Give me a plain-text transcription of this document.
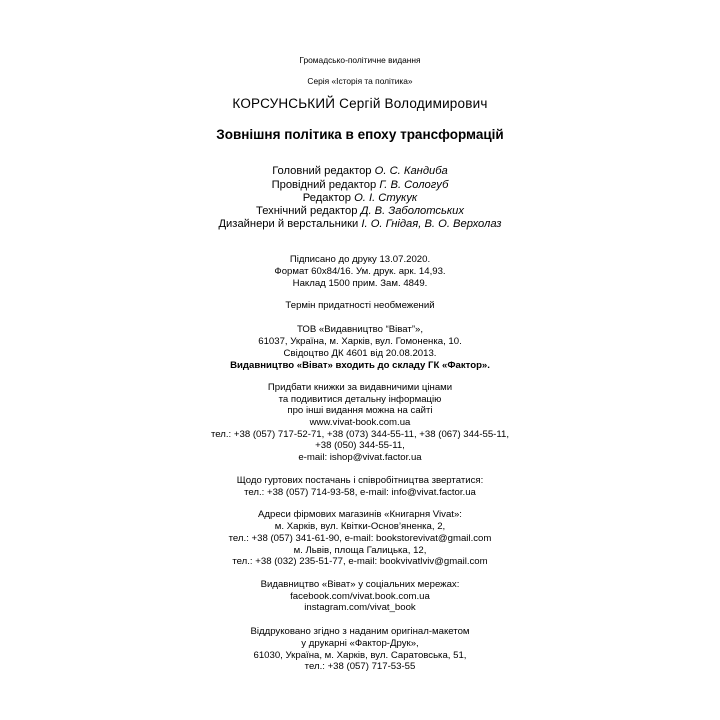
Громадсько-політичне видання
Серія «Історія та політика»
КОРСУНСЬКИЙ Сергій Володимирович
Зовнішня політика в епоху трансформацій
Головний редактор О. С. Кандиба
Провідний редактор Г. В. Сологуб
Редактор О. І. Стукук
Технічний редактор Д. В. Заболотських
Дизайнери й верстальники І. О. Гнідая, В. О. Верхолаз
Підписано до друку 13.07.2020.
Формат 60х84/16. Ум. друк. арк. 14,93.
Наклад 1500 прим. Зам. 4849.
Термін придатності необмежений
ТОВ «Видавництво “Віват”»,
61037, Україна, м. Харків, вул. Гомоненка, 10.
Свідоцтво ДК 4601 від 20.08.2013.
Видавництво «Віват» входить до складу ГК «Фактор».
Придбати книжки за видавничими цінами
та подивитися детальну інформацію
про інші видання можна на сайті
www.vivat-book.com.ua
тел.: +38 (057) 717-52-71, +38 (073) 344-55-11, +38 (067) 344-55-11,
+38 (050) 344-55-11,
e-mail: ishop@vivat.factor.ua
Щодо гуртових постачань і співробітництва звертатися:
тел.: +38 (057) 714-93-58, e-mail: info@vivat.factor.ua
Адреси фірмових магазинів «Книгарня Vivat»:
м. Харків, вул. Квітки-Основ’яненка, 2,
тел.: +38 (057) 341-61-90, e-mail: bookstorevivat@gmail.com
м. Львів, площа Галицька, 12,
тел.: +38 (032) 235-51-77, e-mail: bookvivatlviv@gmail.com
Видавництво «Віват» у соціальних мережах:
facebook.com/vivat.book.com.ua
instagram.com/vivat_book
Віддруковано згідно з наданим оригінал-макетом
у друкарні «Фактор-Друк»,
61030, Україна, м. Харків, вул. Саратовська, 51,
тел.: +38 (057) 717-53-55
